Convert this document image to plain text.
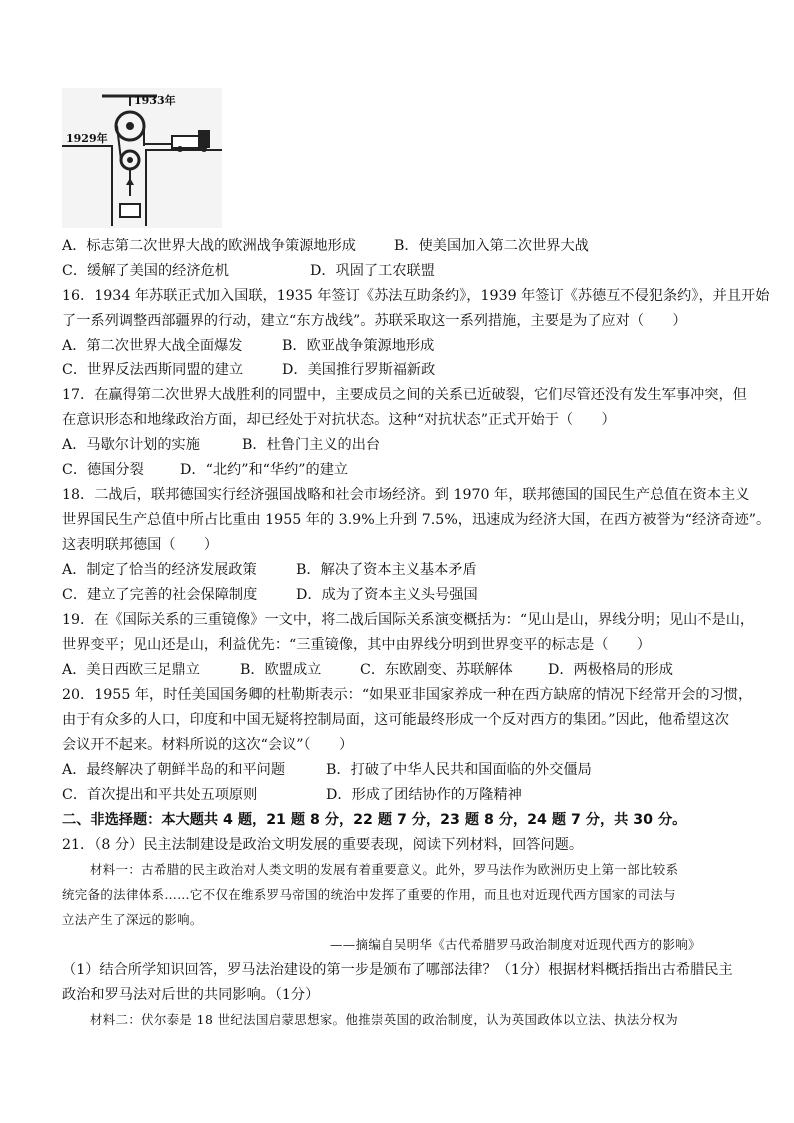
1929年
1933年
A．标志第二次世界大战的欧洲战争策源地形成	B．使美国加入第二次世界大战
C．缓解了美国的经济危机	D．巩固了工农联盟
16．1934 年苏联正式加入国联，1935 年签订《苏法互助条约》，1939 年签订《苏德互不侵犯条约》，并且开始
了一系列调整西部疆界的行动，建立“东方战线”。苏联采取这一系列措施，主要是为了应对（　　）
A．第二次世界大战全面爆发	B．欧亚战争策源地形成
C．世界反法西斯同盟的建立	D．美国推行罗斯福新政
17．在赢得第二次世界大战胜利的同盟中，主要成员之间的关系已近破裂，它们尽管还没有发生军事冲突，但
在意识形态和地缘政治方面，却已经处于对抗状态。这种“对抗状态”正式开始于（　　）
A．马歇尔计划的实施	B．杜鲁门主义的出台
C．德国分裂	D．“北约”和“华约”的建立
18．二战后，联邦德国实行经济强国战略和社会市场经济。到 1970 年，联邦德国的国民生产总值在资本主义
世界国民生产总值中所占比重由 1955 年的 3.9%上升到 7.5%，迅速成为经济大国，在西方被誉为“经济奇迹”。
这表明联邦德国（　　）
A．制定了恰当的经济发展政策	B．解决了资本主义基本矛盾
C．建立了完善的社会保障制度	D．成为了资本主义头号强国
19．在《国际关系的三重镜像》一文中，将二战后国际关系演变概括为：“见山是山，界线分明；见山不是山，
世界变平；见山还是山，利益优先：“三重镜像，其中由界线分明到世界变平的标志是（　　）
A．美日西欧三足鼎立	B．欧盟成立	C．东欧剧变、苏联解体 D．两极格局的形成
20．1955 年，时任美国国务卿的杜勒斯表示：“如果亚非国家养成一种在西方缺席的情况下经常开会的习惯，
由于有众多的人口，印度和中国无疑将控制局面，这可能最终形成一个反对西方的集团。”因此，他希望这次
会议开不起来。材料所说的这次“会议”（　　）
A．最终解决了朝鲜半岛的和平问题	B．打破了中华人民共和国面临的外交僵局
C．首次提出和平共处五项原则	D．形成了团结协作的万隆精神
二、非选择题：本大题共 4 题，21 题 8 分，22 题 7 分，23 题 8 分，24 题 7 分，共 30 分。
21．（8 分）民主法制建设是政治文明发展的重要表现，阅读下列材料，回答问题。
材料一：古希腊的民主政治对人类文明的发展有着重要意义。此外，罗马法作为欧洲历史上第一部比较系
统完备的法律体系……它不仅在维系罗马帝国的统治中发挥了重要的作用，而且也对近现代西方国家的司法与
立法产生了深远的影响。
——摘编自吴明华《古代希腊罗马政治制度对近现代西方的影响》
（1）结合所学知识回答，罗马法治建设的第一步是颁布了哪部法律？（1分）根据材料概括指出古希腊民主
政治和罗马法对后世的共同影响。（1分）
材料二：伏尔泰是 18 世纪法国启蒙思想家。他推崇英国的政治制度，认为英国政体以立法、执法分权为
